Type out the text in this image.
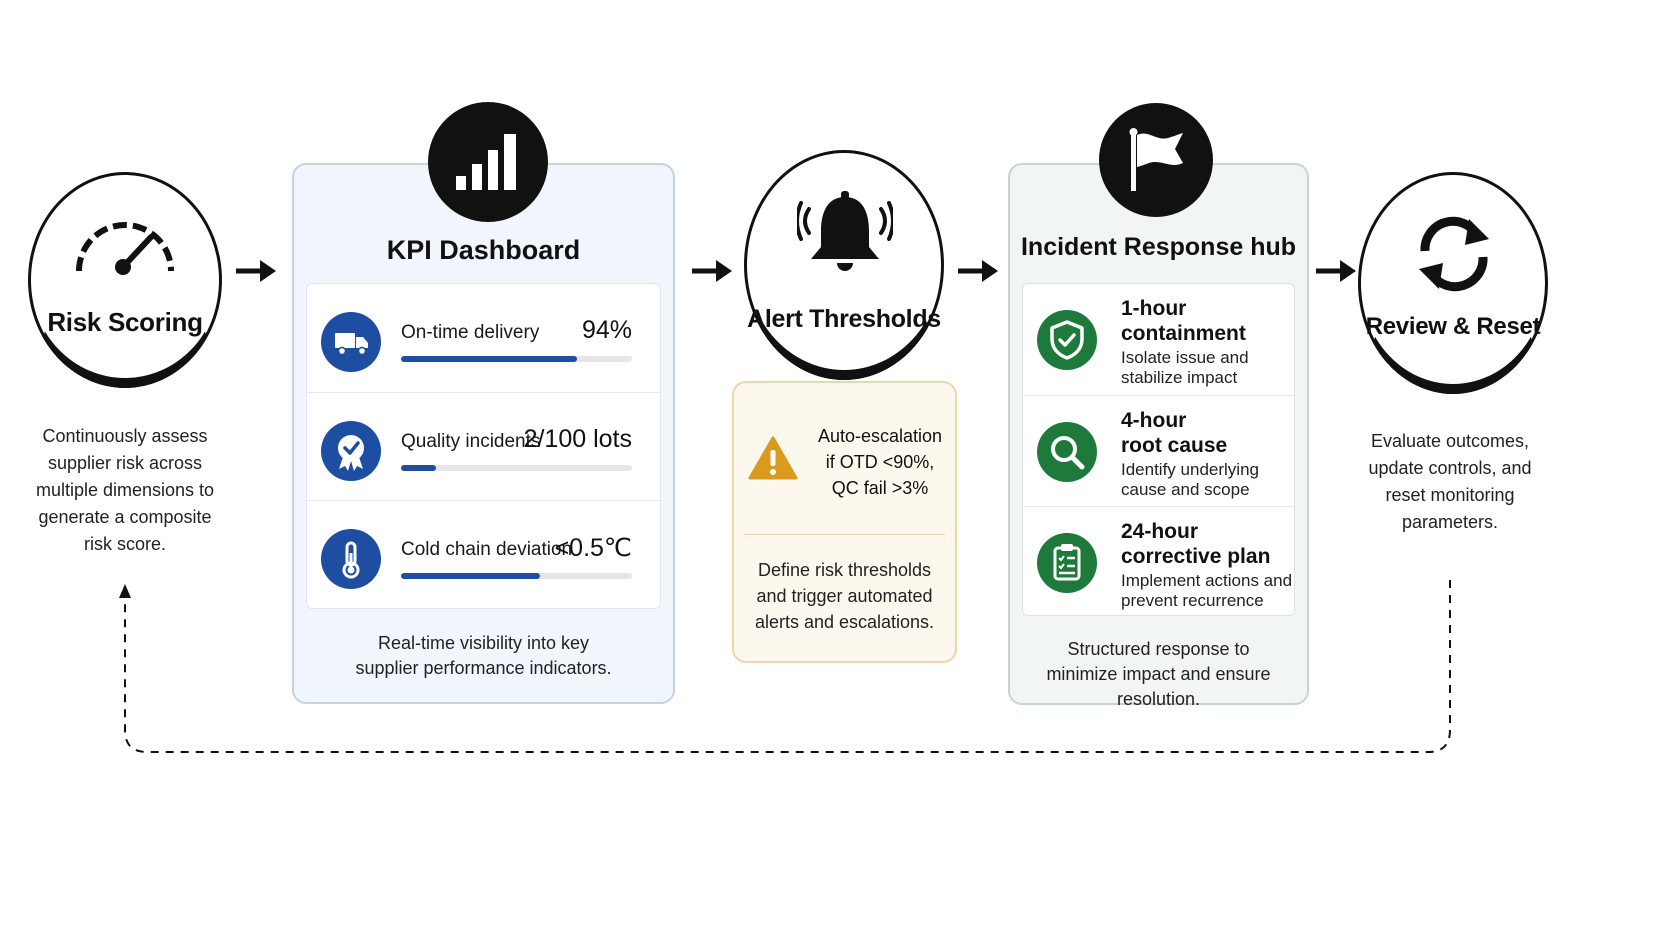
Risk Scoring
Continuously assess supplier risk across multiple dimensions to generate a composite risk score.
KPI Dashboard
On-time delivery 94%
Quality incidents
2/100 lots
Cold chain deviation
<0.5℃
Real-time visibility into key supplier performance indicators.
Auto-escalation
if OTD <90%,
QC fail >3%
Define risk thresholds and trigger automated alerts and escalations.
Alert Thresholds
Incident Response hub
1-hour containment
Isolate issue and stabilize impact
4-hour root cause
Identify underlying cause and scope
24-hour corrective plan
Implement actions and prevent recurrence
Structured response to minimize impact and ensure resolution.
Review & Reset
Evaluate outcomes, update controls, and reset monitoring parameters.
